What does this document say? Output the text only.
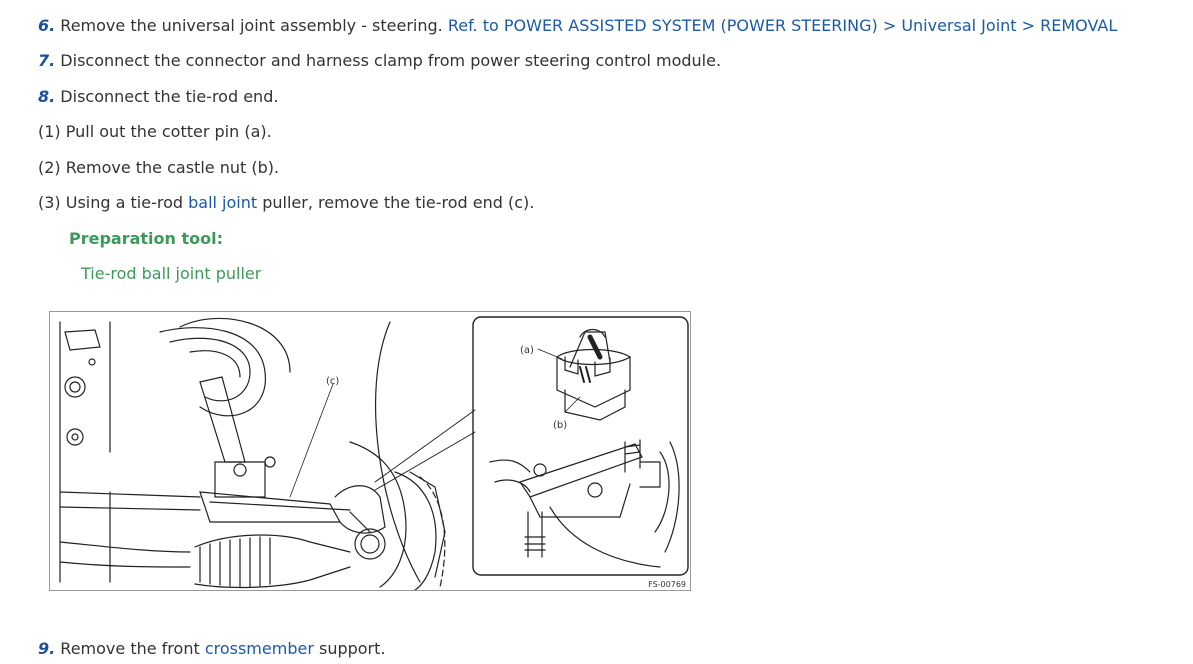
6. Remove the universal joint assembly - steering. Ref. to POWER ASSISTED SYSTEM (POWER STEERING) > Universal Joint > REMOVAL
7. Disconnect the connector and harness clamp from power steering control module.
8. Disconnect the tie-rod end.
(1) Pull out the cotter pin (a).
(2) Remove the castle nut (b).
(3) Using a tie-rod ball joint puller, remove the tie-rod end (c).
Preparation tool:
Tie-rod ball joint puller
(a)
(b)
(c)
FS-00769
9. Remove the front crossmember support.
